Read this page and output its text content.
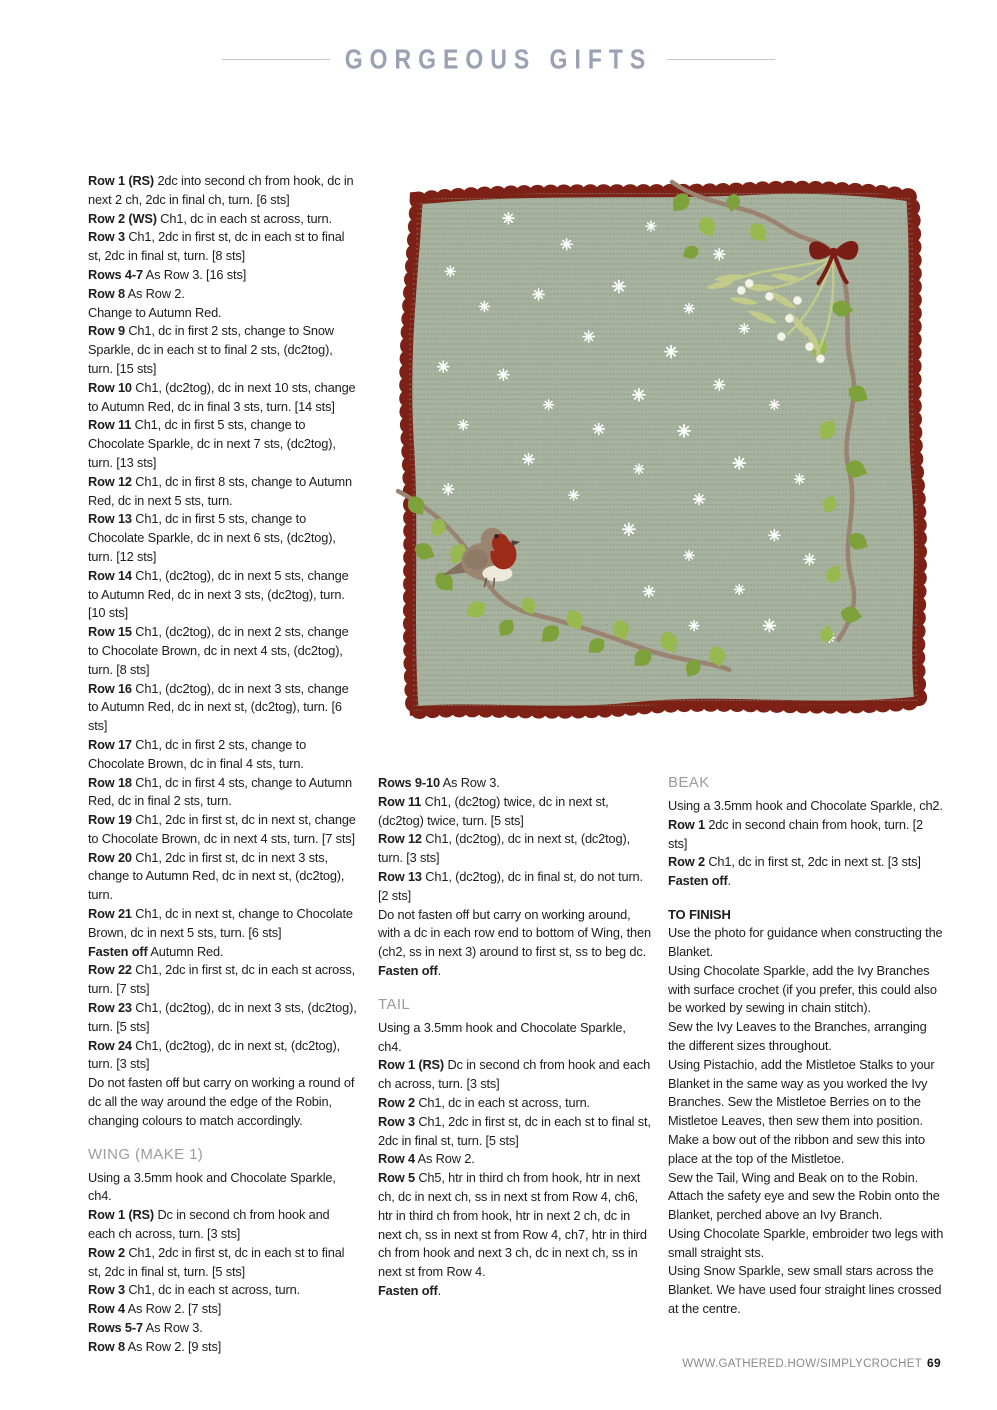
GORGEOUS GIFTS

Row 1 (RS) 2dc into second ch from hook, dc in next 2 ch, 2dc in final ch, turn. [6 sts]

Row 2 (WS) Ch1, dc in each st across, turn.

Row 3 Ch1, 2dc in first st, dc in each st to final st, 2dc in final st, turn. [8 sts]

Rows 4-7 As Row 3. [16 sts]

Row 8 As Row 2.

Change to Autumn Red.

Row 9 Ch1, dc in first 2 sts, change to Snow Sparkle, dc in each st to final 2 sts, (dc2tog), turn. [15 sts]

Row 10 Ch1, (dc2tog), dc in next 10 sts, change to Autumn Red, dc in final 3 sts, turn. [14 sts]

Row 11 Ch1, dc in first 5 sts, change to Chocolate Sparkle, dc in next 7 sts, (dc2tog), turn. [13 sts]

Row 12 Ch1, dc in first 8 sts, change to Autumn Red, dc in next 5 sts, turn.

Row 13 Ch1, dc in first 5 sts, change to Chocolate Sparkle, dc in next 6 sts, (dc2tog), turn. [12 sts]

Row 14 Ch1, (dc2tog), dc in next 5 sts, change to Autumn Red, dc in next 3 sts, (dc2tog), turn. [10 sts]

Row 15 Ch1, (dc2tog), dc in next 2 sts, change to Chocolate Brown, dc in next 4 sts, (dc2tog), turn. [8 sts]

Row 16 Ch1, (dc2tog), dc in next 3 sts, change to Autumn Red, dc in next st, (dc2tog), turn. [6 sts]

Row 17 Ch1, dc in first 2 sts, change to Chocolate Brown, dc in final 4 sts, turn.

Row 18 Ch1, dc in first 4 sts, change to Autumn Red, dc in final 2 sts, turn.

Row 19 Ch1, 2dc in first st, dc in next st, change to Chocolate Brown, dc in next 4 sts, turn. [7 sts]

Row 20 Ch1, 2dc in first st, dc in next 3 sts, change to Autumn Red, dc in next st, (dc2tog), turn.

Row 21 Ch1, dc in next st, change to Chocolate Brown, dc in next 5 sts, turn. [6 sts]

Fasten off Autumn Red.

Row 22 Ch1, 2dc in first st, dc in each st across, turn. [7 sts]

Row 23 Ch1, (dc2tog), dc in next 3 sts, (dc2tog), turn. [5 sts]

Row 24 Ch1, (dc2tog), dc in next st, (dc2tog), turn. [3 sts]

Do not fasten off but carry on working a round of dc all the way around the edge of the Robin, changing colours to match accordingly.

WING (MAKE 1)

Using a 3.5mm hook and Chocolate Sparkle, ch4.

Row 1 (RS) Dc in second ch from hook and each ch across, turn. [3 sts]

Row 2 Ch1, 2dc in first st, dc in each st to final st, 2dc in final st, turn. [5 sts]

Row 3 Ch1, dc in each st across, turn.

Row 4 As Row 2. [7 sts]

Rows 5-7 As Row 3.

Row 8 As Row 2. [9 sts]

Rows 9-10 As Row 3.

Row 11 Ch1, (dc2tog) twice, dc in next st, (dc2tog) twice, turn. [5 sts]

Row 12 Ch1, (dc2tog), dc in next st, (dc2tog), turn. [3 sts]

Row 13 Ch1, (dc2tog), dc in final st, do not turn. [2 sts]

Do not fasten off but carry on working around, with a dc in each row end to bottom of Wing, then (ch2, ss in next 3) around to first st, ss to beg dc.

Fasten off.

TAIL

Using a 3.5mm hook and Chocolate Sparkle, ch4.

Row 1 (RS) Dc in second ch from hook and each ch across, turn. [3 sts]

Row 2 Ch1, dc in each st across, turn.

Row 3 Ch1, 2dc in first st, dc in each st to final st, 2dc in final st, turn. [5 sts]

Row 4 As Row 2.

Row 5 Ch5, htr in third ch from hook, htr in next ch, dc in next ch, ss in next st from Row 4, ch6, htr in third ch from hook, htr in next 2 ch, dc in next ch, ss in next st from Row 4, ch7, htr in third ch from hook and next 3 ch, dc in next ch, ss in next st from Row 4.

Fasten off.

BEAK

Using a 3.5mm hook and Chocolate Sparkle, ch2.

Row 1 2dc in second chain from hook, turn. [2 sts]

Row 2 Ch1, dc in first st, 2dc in next st. [3 sts]

Fasten off.

TO FINISH

Use the photo for guidance when constructing the Blanket.

Using Chocolate Sparkle, add the Ivy Branches with surface crochet (if you prefer, this could also be worked by sewing in chain stitch).

Sew the Ivy Leaves to the Branches, arranging the different sizes throughout.

Using Pistachio, add the Mistletoe Stalks to your Blanket in the same way as you worked the Ivy Branches. Sew the Mistletoe Berries on to the Mistletoe Leaves, then sew them into position. Make a bow out of the ribbon and sew this into place at the top of the Mistletoe.

Sew the Tail, Wing and Beak on to the Robin. Attach the safety eye and sew the Robin onto the Blanket, perched above an Ivy Branch.

Using Chocolate Sparkle, embroider two legs with small straight sts.

Using Snow Sparkle, sew small stars across the Blanket. We have used four straight lines crossed at the centre.

WWW.GATHERED.HOW/SIMPLYCROCHET 69
